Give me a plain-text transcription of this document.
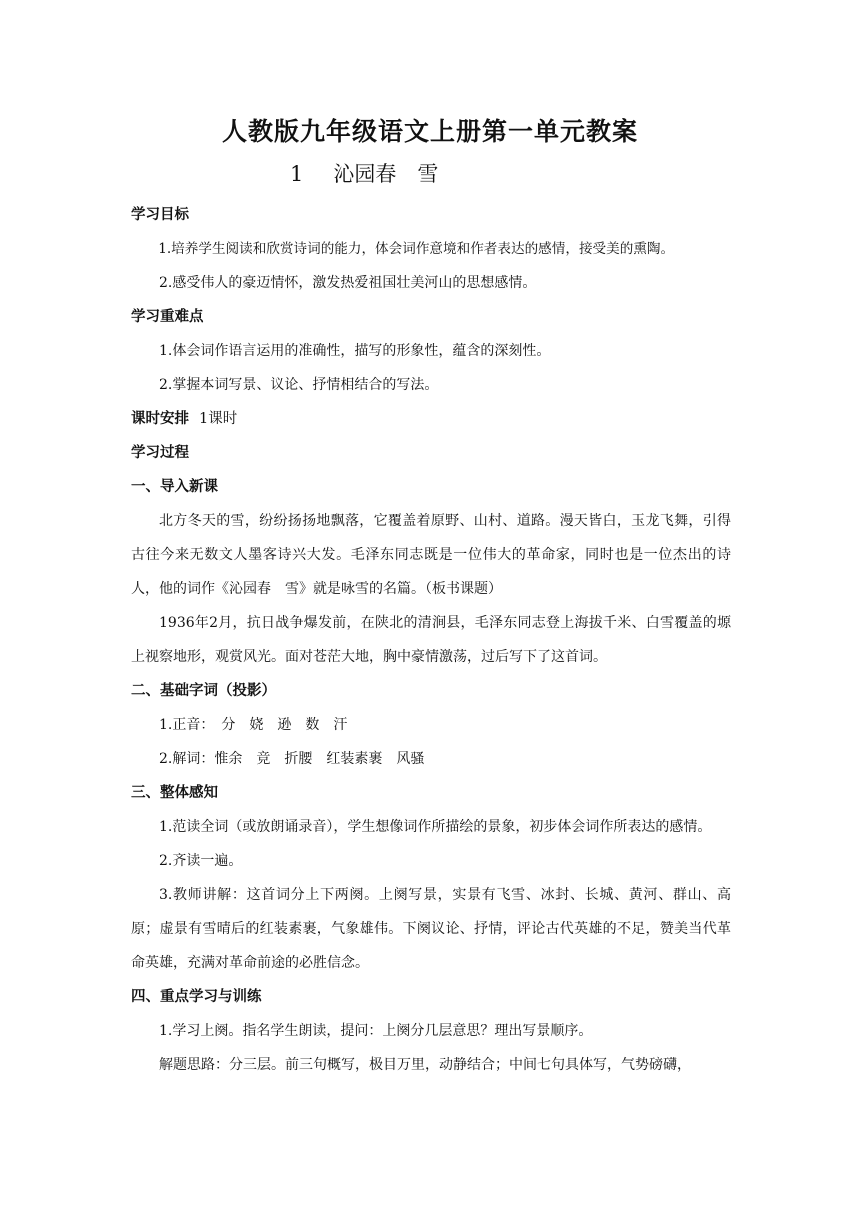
人教版九年级语文上册第一单元教案
1 沁园春　雪
学习目标

1.培养学生阅读和欣赏诗词的能力，体会词作意境和作者表达的感情，接受美的熏陶。

2.感受伟人的豪迈情怀，激发热爱祖国壮美河山的思想感情。

学习重难点

1.体会词作语言运用的准确性，描写的形象性，蕴含的深刻性。

2.掌握本词写景、议论、抒情相结合的写法。

课时安排 1课时
学习过程
一、导入新课

北方冬天的雪，纷纷扬扬地飘落，它覆盖着原野、山村、道路。漫天皆白，玉龙飞舞，引得古往今来无数文人墨客诗兴大发。毛泽东同志既是一位伟大的革命家，同时也是一位杰出的诗人，他的词作《沁园春　雪》就是咏雪的名篇。（板书课题）

1936年2月，抗日战争爆发前，在陕北的清涧县，毛泽东同志登上海拔千米、白雪覆盖的塬上视察地形，观赏风光。面对苍茫大地，胸中豪情激荡，过后写下了这首词。

二、基础字词（投影）

1.正音：　分　娆　逊　数　汗

2.解词：惟余　竞　折腰　红装素裹　风骚

三、整体感知

1.范读全词（或放朗诵录音），学生想像词作所描绘的景象，初步体会词作所表达的感情。

2.齐读一遍。

3.教师讲解：这首词分上下两阕。上阕写景，实景有飞雪、冰封、长城、黄河、群山、高原；虚景有雪晴后的红装素裹，气象雄伟。下阕议论、抒情，评论古代英雄的不足，赞美当代革命英雄，充满对革命前途的必胜信念。

四、重点学习与训练

1.学习上阕。指名学生朗读，提问：上阕分几层意思？理出写景顺序。

解题思路：分三层。前三句概写，极目万里，动静结合；中间七句具体写，气势磅礴，
